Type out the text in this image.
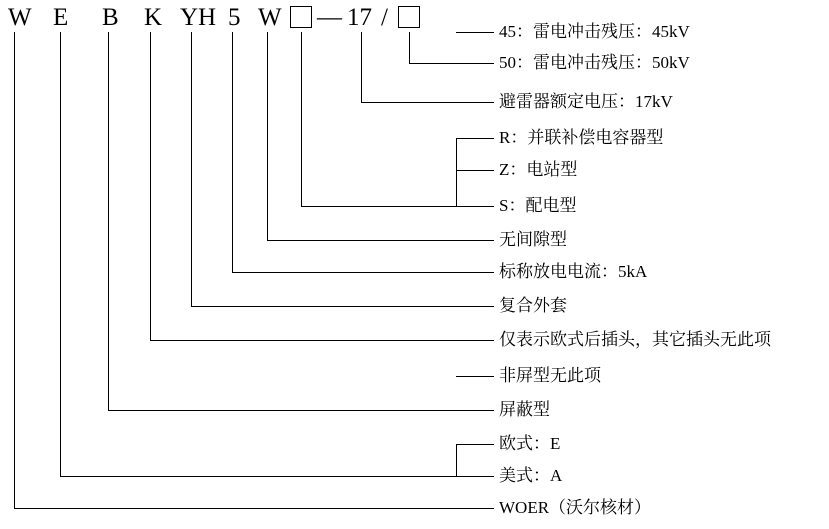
W E B K YH 5 W — 17 /
45：雷电冲击残压：45kV
50：雷电冲击残压：50kV
避雷器额定电压：17kV
R：并联补偿电容器型
Z：电站型
S：配电型
无间隙型
标称放电电流：5kA
复合外套
仅表示欧式后插头，其它插头无此项
非屏型无此项
屏蔽型
欧式：E
美式：A
WOER（沃尔核材）
